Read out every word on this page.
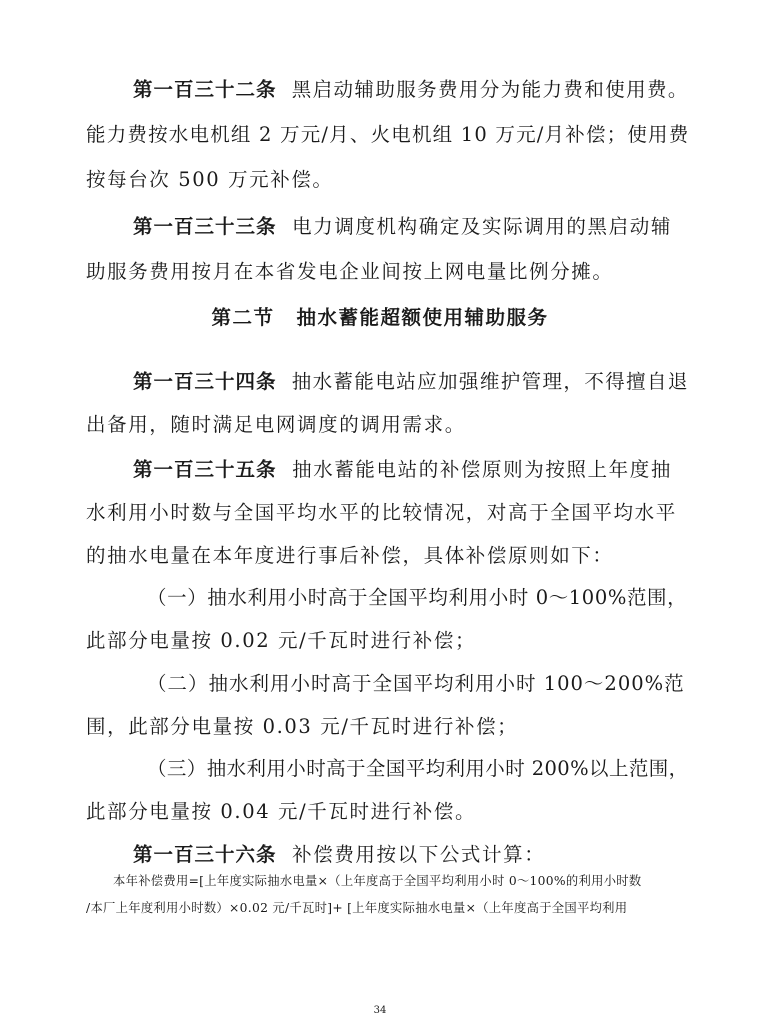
第一百三十二条 黑启动辅助服务费用分为能力费和使用费。
能力费按水电机组 2 万元/月、火电机组 10 万元/月补偿；使用费
按每台次 500 万元补偿。
第一百三十三条 电力调度机构确定及实际调用的黑启动辅
助服务费用按月在本省发电企业间按上网电量比例分摊。
第二节 抽水蓄能超额使用辅助服务
第一百三十四条 抽水蓄能电站应加强维护管理，不得擅自退
出备用，随时满足电网调度的调用需求。
第一百三十五条 抽水蓄能电站的补偿原则为按照上年度抽
水利用小时数与全国平均水平的比较情况，对高于全国平均水平
的抽水电量在本年度进行事后补偿，具体补偿原则如下：
（一）抽水利用小时高于全国平均利用小时 0～100%范围，
此部分电量按 0.02 元/千瓦时进行补偿；
（二）抽水利用小时高于全国平均利用小时 100～200%范
围，此部分电量按 0.03 元/千瓦时进行补偿；
（三）抽水利用小时高于全国平均利用小时 200%以上范围，
此部分电量按 0.04 元/千瓦时进行补偿。
第一百三十六条 补偿费用按以下公式计算：
本年补偿费用=[上年度实际抽水电量×（上年度高于全国平均利用小时 0～100%的利用小时数
/本厂上年度利用小时数）×0.02 元/千瓦时]+ [上年度实际抽水电量×（上年度高于全国平均利用
34
